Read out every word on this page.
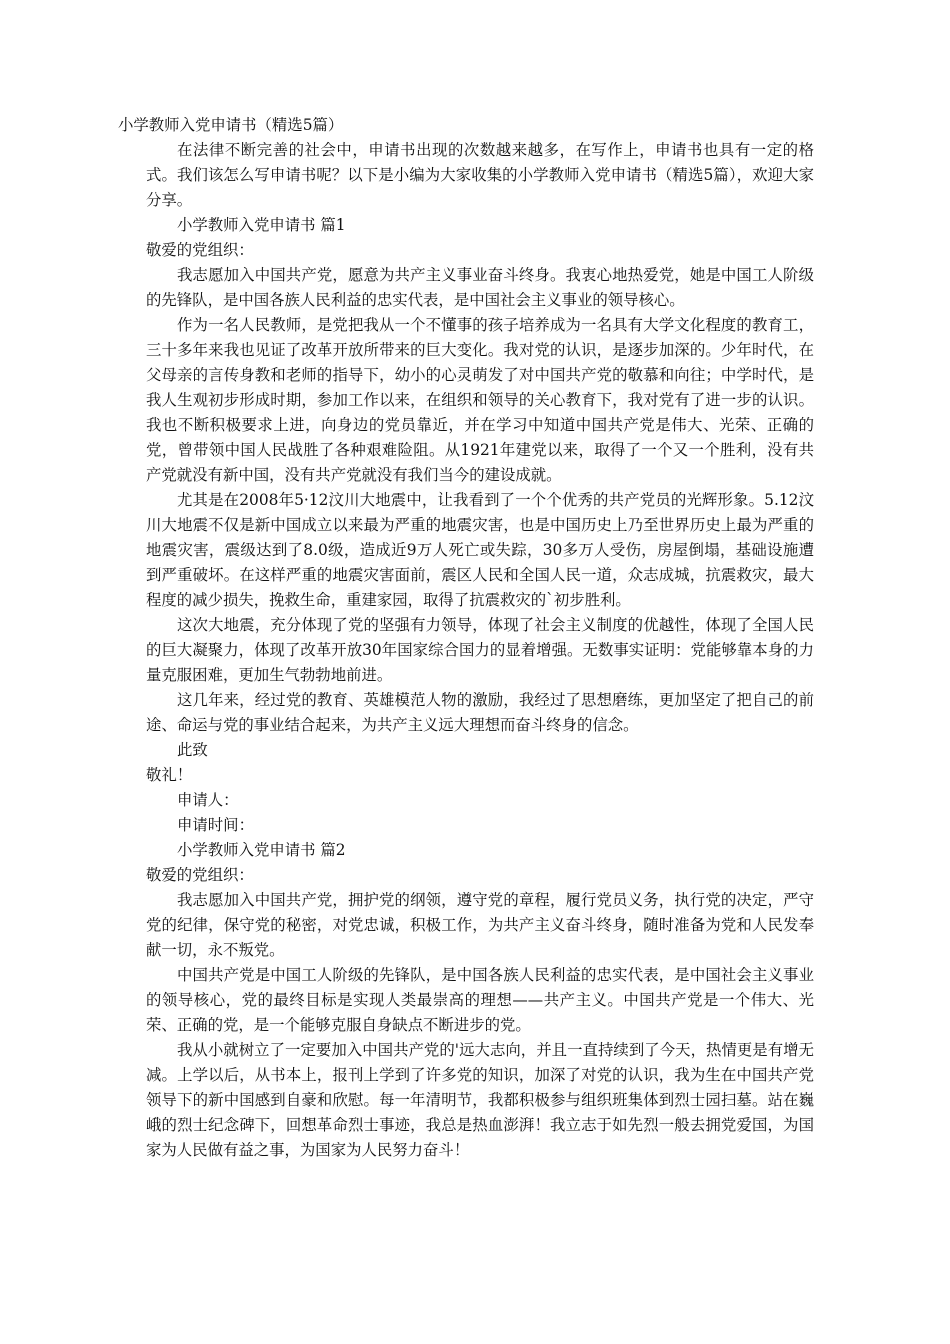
小学教师入党申请书（精选5篇）

在法律不断完善的社会中，申请书出现的次数越来越多，在写作上，申请书也具有一定的格式。我们该怎么写申请书呢？以下是小编为大家收集的小学教师入党申请书（精选5篇），欢迎大家分享。

小学教师入党申请书 篇1

敬爱的党组织：

我志愿加入中国共产党，愿意为共产主义事业奋斗终身。我衷心地热爱党，她是中国工人阶级的先锋队，是中国各族人民利益的忠实代表，是中国社会主义事业的领导核心。

作为一名人民教师，是党把我从一个不懂事的孩子培养成为一名具有大学文化程度的教育工，三十多年来我也见证了改革开放所带来的巨大变化。我对党的认识，是逐步加深的。少年时代，在父母亲的言传身教和老师的指导下，幼小的心灵萌发了对中国共产党的敬慕和向往；中学时代，是我人生观初步形成时期，参加工作以来，在组织和领导的关心教育下，我对党有了进一步的认识。我也不断积极要求上进，向身边的党员靠近，并在学习中知道中国共产党是伟大、光荣、正确的党，曾带领中国人民战胜了各种艰难险阻。从1921年建党以来，取得了一个又一个胜利，没有共产党就没有新中国，没有共产党就没有我们当今的建设成就。

尤其是在2008年5·12汶川大地震中，让我看到了一个个优秀的共产党员的光辉形象。5.12汶川大地震不仅是新中国成立以来最为严重的地震灾害，也是中国历史上乃至世界历史上最为严重的地震灾害，震级达到了8.0级，造成近9万人死亡或失踪，30多万人受伤，房屋倒塌，基础设施遭到严重破坏。在这样严重的地震灾害面前，震区人民和全国人民一道，众志成城，抗震救灾，最大程度的减少损失，挽救生命，重建家园，取得了抗震救灾的`初步胜利。

这次大地震，充分体现了党的坚强有力领导，体现了社会主义制度的优越性，体现了全国人民的巨大凝聚力，体现了改革开放30年国家综合国力的显着增强。无数事实证明：党能够靠本身的力量克服困难，更加生气勃勃地前进。

这几年来，经过党的教育、英雄模范人物的激励，我经过了思想磨练，更加坚定了把自己的前途、命运与党的事业结合起来，为共产主义远大理想而奋斗终身的信念。

此致

敬礼！

申请人：

申请时间：

小学教师入党申请书 篇2

敬爱的党组织：

我志愿加入中国共产党，拥护党的纲领，遵守党的章程，履行党员义务，执行党的决定，严守党的纪律，保守党的秘密，对党忠诚，积极工作，为共产主义奋斗终身，随时准备为党和人民发奉献一切，永不叛党。

中国共产党是中国工人阶级的先锋队，是中国各族人民利益的忠实代表，是中国社会主义事业的领导核心，党的最终目标是实现人类最崇高的理想——共产主义。中国共产党是一个伟大、光荣、正确的党，是一个能够克服自身缺点不断进步的党。

我从小就树立了一定要加入中国共产党的'远大志向，并且一直持续到了今天，热情更是有增无减。上学以后，从书本上，报刊上学到了许多党的知识，加深了对党的认识，我为生在中国共产党领导下的新中国感到自豪和欣慰。每一年清明节，我都积极参与组织班集体到烈士园扫墓。站在巍峨的烈士纪念碑下，回想革命烈士事迹，我总是热血澎湃！我立志于如先烈一般去拥党爱国，为国家为人民做有益之事，为国家为人民努力奋斗！
